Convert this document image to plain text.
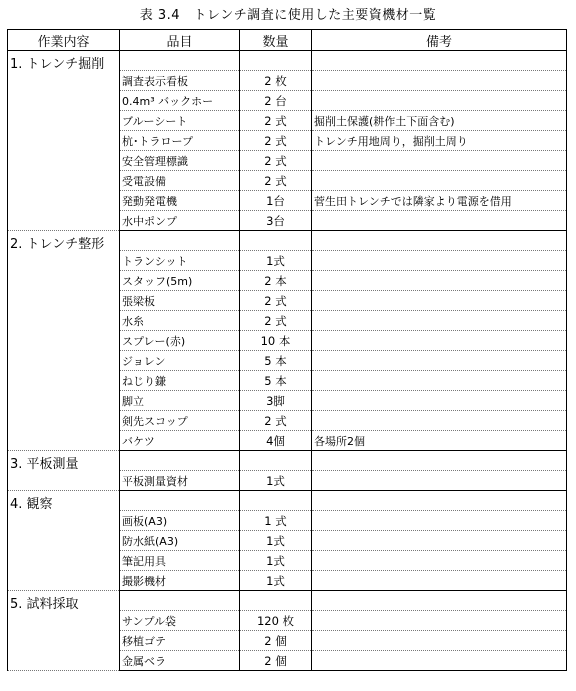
表 3.4　トレンチ調査に使用した主要資機材一覧
作業内容	品目	数量	備考
1. トレンチ掘削			
	調査表示看板	2 枚	
	0.4m³ バックホー	2 台	
	ブルーシート	2 式	掘削土保護(耕作土下面含む)
	杭･トラロープ	2 式	トレンチ用地周り，掘削土周り
	安全管理標識	2 式	
	受電設備	2 式	
	発動発電機	1台	菅生田トレンチでは隣家より電源を借用
	水中ポンプ	3台	
2. トレンチ整形			
	トランシット	1式	
	スタッフ(5m)	2 本	
	張梁板	2 式	
	水糸	2 式	
	スプレー(赤)	10 本	
	ジョレン	5 本	
	ねじり鎌	5 本	
	脚立	3脚	
	剣先スコップ	2 式	
	バケツ	4個	各場所2個
3. 平板測量			
	平板測量資材	1式	
4. 観察			
	画板(A3)	1 式	
	防水紙(A3)	1式	
	筆記用具	1式	
	撮影機材	1式	
5. 試料採取			
	サンプル袋	120 枚	
	移植ゴテ	2 個	
	金属ベラ	2 個	
